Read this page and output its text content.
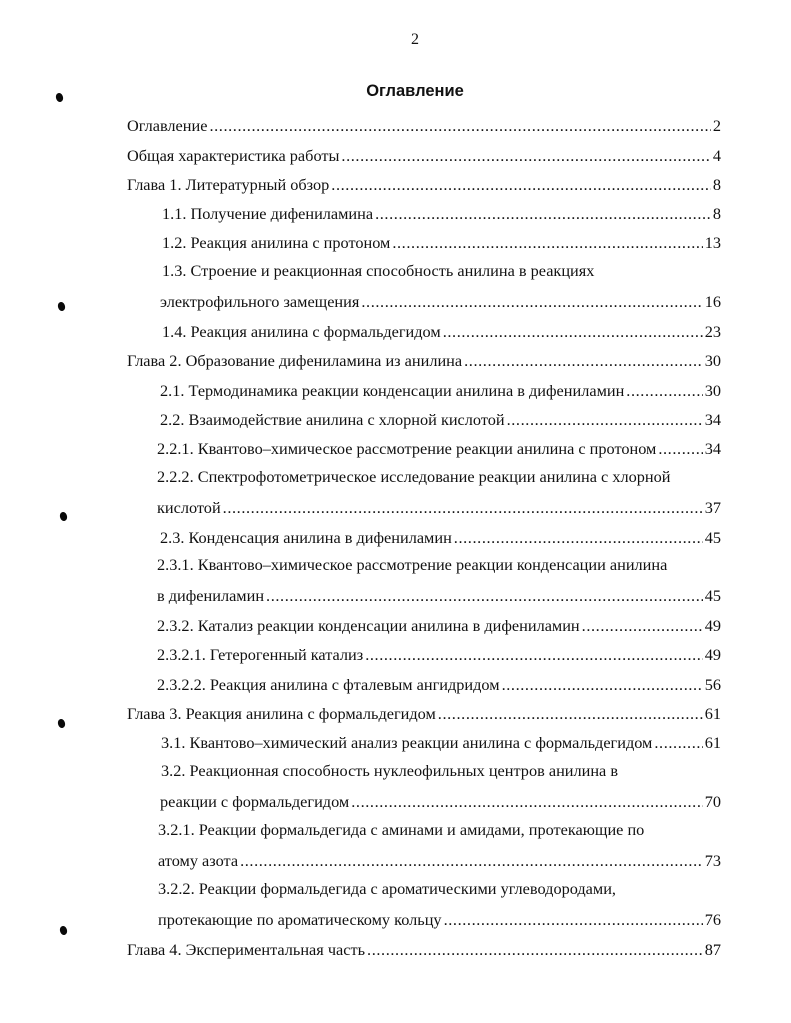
2
Оглавление
Оглавление .....	2
Общая характеристика работы .....	4
Глава 1. Литературный обзор .....	8
1.1. Получение дифениламина .....	8
1.2. Реакция анилина с протоном .....	13
1.3. Строение и реакционная способность анилина в реакциях
электрофильного замещения .....	16
1.4. Реакция анилина с формальдегидом .....	23
Глава 2. Образование дифениламина из анилина .....	30
2.1. Термодинамика реакции конденсации анилина в дифениламин .....	30
2.2. Взаимодействие анилина с хлорной кислотой .....	34
2.2.1. Квантово–химическое рассмотрение реакции анилина с протоном .....	34
2.2.2. Спектрофотометрическое исследование реакции анилина с хлорной
кислотой .....	37
2.3. Конденсация анилина в дифениламин .....	45
2.3.1. Квантово–химическое рассмотрение реакции конденсации анилина
в дифениламин .....	45
2.3.2. Катализ реакции конденсации анилина в дифениламин .....	49
2.3.2.1. Гетерогенный катализ .....	49
2.3.2.2. Реакция анилина с фталевым ангидридом .....	56
Глава 3. Реакция анилина с формальдегидом .....	61
3.1. Квантово–химический анализ реакции анилина с формальдегидом .....	61
3.2. Реакционная способность нуклеофильных центров анилина в
реакции с формальдегидом .....	70
3.2.1. Реакции формальдегида с аминами и амидами, протекающие по
атому азота .....	73
3.2.2. Реакции формальдегида с ароматическими углеводородами,
протекающие по ароматическому кольцу .....	76
Глава 4. Экспериментальная часть .....	87
